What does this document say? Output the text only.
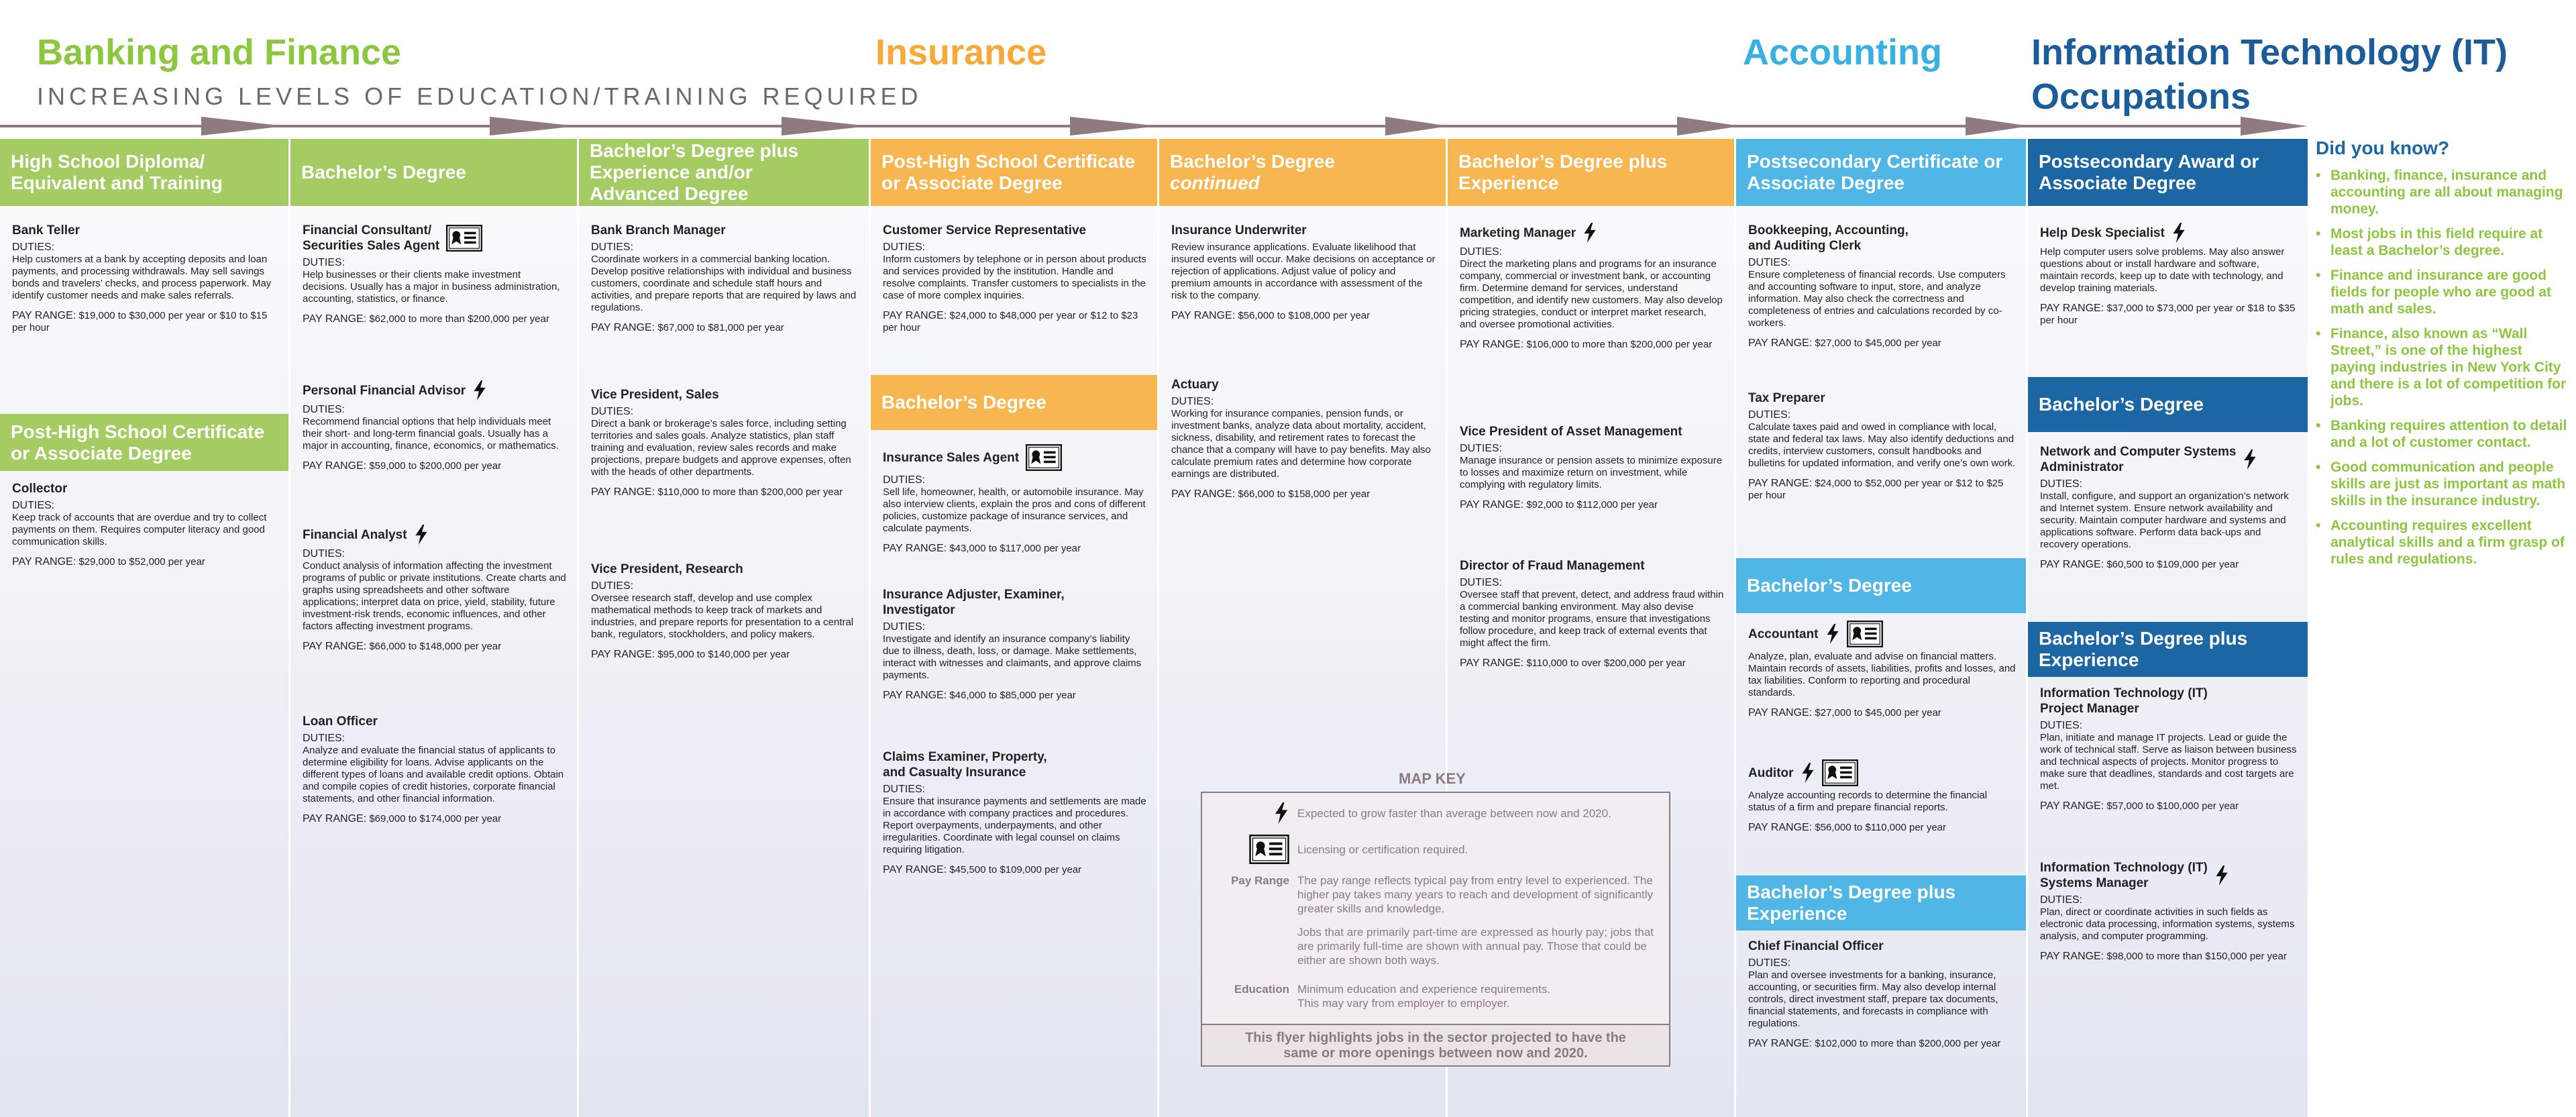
Banking and Finance
INCREASING LEVELS OF EDUCATION/TRAINING REQUIRED
Insurance	Accounting Information Technology (IT)
Occupations
High School Diploma/
Equivalent and Training
Bank Teller
DUTIES:
Help customers at a bank by accepting deposits and loan payments, and processing withdrawals. May sell savings bonds and travelers’ checks, and process paperwork. May identify customer needs and make sales referrals.
PAY RANGE: $19,000 to $30,000 per year or $10 to $15 per hour
Post-High School Certificate
or Associate Degree
Collector
DUTIES:
Keep track of accounts that are overdue and try to collect payments on them. Requires computer literacy and good communication skills.
PAY RANGE: $29,000 to $52,000 per year
Bachelor’s Degree
Financial Consultant/
Securities Sales Agent
DUTIES:
Help businesses or their clients make investment decisions. Usually has a major in business administration, accounting, statistics, or finance.
PAY RANGE: $62,000 to more than $200,000 per year
Personal Financial Advisor
DUTIES:
Recommend financial options that help individuals meet their short- and long-term financial goals. Usually has a major in accounting, finance, economics, or mathematics.
PAY RANGE: $59,000 to $200,000 per year
Financial Analyst
DUTIES:
Conduct analysis of information affecting the investment programs of public or private institutions. Create charts and graphs using spreadsheets and other software applications; interpret data on price, yield, stability, future investment-risk trends, economic influences, and other factors affecting investment programs.
PAY RANGE: $66,000 to $148,000 per year
Loan Officer
DUTIES:
Analyze and evaluate the financial status of applicants to determine eligibility for loans. Advise applicants on the different types of loans and available credit options. Obtain and compile copies of credit histories, corporate financial statements, and other financial information.
PAY RANGE: $69,000 to $174,000 per year
Bachelor’s Degree plus
Experience and/or
Advanced Degree
Bank Branch Manager
DUTIES:
Coordinate workers in a commercial banking location. Develop positive relationships with individual and business customers, coordinate and schedule staff hours and activities, and prepare reports that are required by laws and regulations.
PAY RANGE: $67,000 to $81,000 per year
Vice President, Sales
DUTIES:
Direct a bank or brokerage’s sales force, including setting territories and sales goals. Analyze statistics, plan staff training and evaluation, review sales records and make projections, prepare budgets and approve expenses, often with the heads of other departments.
PAY RANGE: $110,000 to more than $200,000 per year
Vice President, Research
DUTIES:
Oversee research staff, develop and use complex mathematical methods to keep track of markets and industries, and prepare reports for presentation to a central bank, regulators, stockholders, and policy makers.
PAY RANGE: $95,000 to $140,000 per year
Post-High School Certificate
or Associate Degree
Customer Service Representative
DUTIES:
Inform customers by telephone or in person about products and services provided by the institution. Handle and resolve complaints. Transfer customers to specialists in the case of more complex inquiries.
PAY RANGE: $24,000 to $48,000 per year or $12 to $23 per hour
Bachelor’s Degree
Insurance Sales Agent
DUTIES:
Sell life, homeowner, health, or automobile insurance. May also interview clients, explain the pros and cons of different policies, customize package of insurance services, and calculate payments.
PAY RANGE: $43,000 to $117,000 per year
Insurance Adjuster, Examiner,
Investigator
DUTIES:
Investigate and identify an insurance company’s liability due to illness, death, loss, or damage. Make settlements, interact with witnesses and claimants, and approve claims payments.
PAY RANGE: $46,000 to $85,000 per year
Claims Examiner, Property,
and Casualty Insurance
DUTIES:
Ensure that insurance payments and settlements are made in accordance with company practices and procedures. Report overpayments, underpayments, and other irregularities. Coordinate with legal counsel on claims requiring litigation.
PAY RANGE: $45,500 to $109,000 per year
Bachelor’s Degree
continued
Insurance Underwriter
Review insurance applications. Evaluate likelihood that insured events will occur. Make decisions on acceptance or rejection of applications. Adjust value of policy and premium amounts in accordance with assessment of the risk to the company.
PAY RANGE: $56,000 to $108,000 per year
Actuary
DUTIES:
Working for insurance companies, pension funds, or investment banks, analyze data about mortality, accident, sickness, disability, and retirement rates to forecast the chance that a company will have to pay benefits. May also calculate premium rates and determine how corporate earnings are distributed.
PAY RANGE: $66,000 to $158,000 per year
Bachelor’s Degree plus
Experience
Marketing Manager
DUTIES:
Direct the marketing plans and programs for an insurance company, commercial or investment bank, or accounting firm. Determine demand for services, understand competition, and identify new customers. May also develop pricing strategies, conduct or interpret market research, and oversee promotional activities.
PAY RANGE: $106,000 to more than $200,000 per year
Vice President of Asset Management
DUTIES:
Manage insurance or pension assets to minimize exposure to losses and maximize return on investment, while complying with regulatory limits.
PAY RANGE: $92,000 to $112,000 per year
Director of Fraud Management
DUTIES:
Oversee staff that prevent, detect, and address fraud within a commercial banking environment. May also devise testing and monitor programs, ensure that investigations follow procedure, and keep track of external events that might affect the firm.
PAY RANGE: $110,000 to over $200,000 per year
Postsecondary Certificate or
Associate Degree
Bookkeeping, Accounting,
and Auditing Clerk
DUTIES:
Ensure completeness of financial records. Use computers and accounting software to input, store, and analyze information. May also check the correctness and completeness of entries and calculations recorded by co-workers.
PAY RANGE: $27,000 to $45,000 per year
Tax Preparer
DUTIES:
Calculate taxes paid and owed in compliance with local, state and federal tax laws. May also identify deductions and credits, interview customers, consult handbooks and bulletins for updated information, and verify one’s own work.
PAY RANGE: $24,000 to $52,000 per year or $12 to $25 per hour
Bachelor’s Degree
Accountant
Analyze, plan, evaluate and advise on financial matters. Maintain records of assets, liabilities, profits and losses, and tax liabilities. Conform to reporting and procedural standards.
PAY RANGE: $27,000 to $45,000 per year
Auditor
Analyze accounting records to determine the financial status of a firm and prepare financial reports.
PAY RANGE: $56,000 to $110,000 per year
Bachelor’s Degree plus
Experience
Chief Financial Officer
DUTIES:
Plan and oversee investments for a banking, insurance, accounting, or securities firm. May also develop internal controls, direct investment staff, prepare tax documents, financial statements, and forecasts in compliance with regulations.
PAY RANGE: $102,000 to more than $200,000 per year
Postsecondary Award or
Associate Degree
Help Desk Specialist
Help computer users solve problems. May also answer questions about or install hardware and software, maintain records, keep up to date with technology, and develop training materials.
PAY RANGE: $37,000 to $73,000 per year or $18 to $35 per hour
Bachelor’s Degree
Network and Computer Systems
Administrator
DUTIES:
Install, configure, and support an organization’s network and Internet system. Ensure network availability and security. Maintain computer hardware and systems and applications software. Perform data back-ups and recovery operations.
PAY RANGE: $60,500 to $109,000 per year
Bachelor’s Degree plus
Experience
Information Technology (IT)
Project Manager
DUTIES:
Plan, initiate and manage IT projects. Lead or guide the work of technical staff. Serve as liaison between business and technical aspects of projects. Monitor progress to make sure that deadlines, standards and cost targets are met.
PAY RANGE: $57,000 to $100,000 per year
Information Technology (IT)
Systems Manager
DUTIES:
Plan, direct or coordinate activities in such fields as electronic data processing, information systems, systems analysis, and computer programming.
PAY RANGE: $98,000 to more than $150,000 per year
MAP KEY
Expected to grow faster than average between now and 2020.
Licensing or certification required.
Pay Range The pay range reflects typical pay from entry level to experienced. The higher pay takes many years to reach and development of significantly greater skills and knowledge.
Jobs that are primarily part-time are expressed as hourly pay; jobs that are primarily full-time are shown with annual pay. Those that could be either are shown both ways.
Education Minimum education and experience requirements.
This may vary from employer to employer.
This flyer highlights jobs in the sector projected to have the same or more openings between now and 2020.
Did you know?
• Banking, finance, insurance and accounting are all about managing money.
• Most jobs in this field require at least a Bachelor’s degree.
• Finance and insurance are good fields for people who are good at math and sales.
• Finance, also known as “Wall Street,” is one of the highest paying industries in New York City and there is a lot of competition for jobs.
• Banking requires attention to detail and a lot of customer contact.
• Good communication and people skills are just as important as math skills in the insurance industry.
• Accounting requires excellent analytical skills and a firm grasp of rules and regulations.
